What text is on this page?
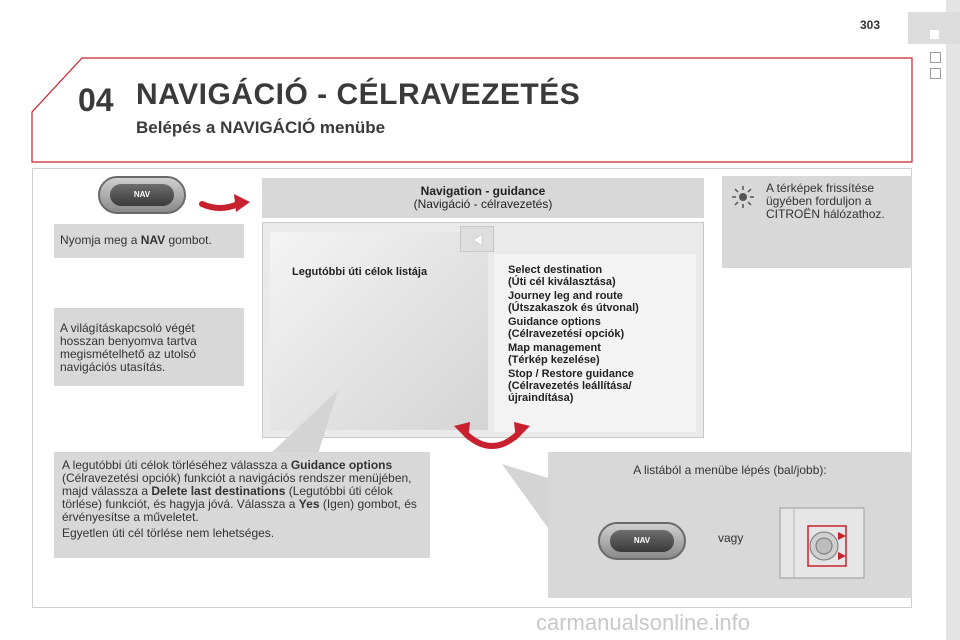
303
04 NAVIGÁCIÓ - CÉLRAVEZETÉS
Belépés a NAVIGÁCIÓ menübe
NAV
Nyomja meg a NAV gombot.
A világításkapcsoló végét hosszan benyomva tartva megismételhető az utolsó navigációs utasítás.
A térképek frissítése ügyében forduljon a CITROËN hálózathoz.
Navigation - guidance
(Navigáció - célravezetés)
Legutóbbi úti célok listája	Select destination
(Úti cél kiválasztása)
Journey leg and route
(Útszakaszok és útvonal)
Guidance options
(Célravezetési opciók)
Map management
(Térkép kezelése)
Stop / Restore guidance
(Célravezetés leállítása/ újraindítása)
A legutóbbi úti célok törléséhez válassza a Guidance options (Célravezetési opciók) funkciót a navigációs rendszer menüjében, majd válassza a Delete last destinations (Legutóbbi úti célok törlése) funkciót, és hagyja jóvá. Válassza a Yes (Igen) gombot, és érvényesítse a műveletet.
Egyetlen úti cél törlése nem lehetséges.
A listából a menübe lépés (bal/jobb):
NAV	vagy
carmanualsonline.info
